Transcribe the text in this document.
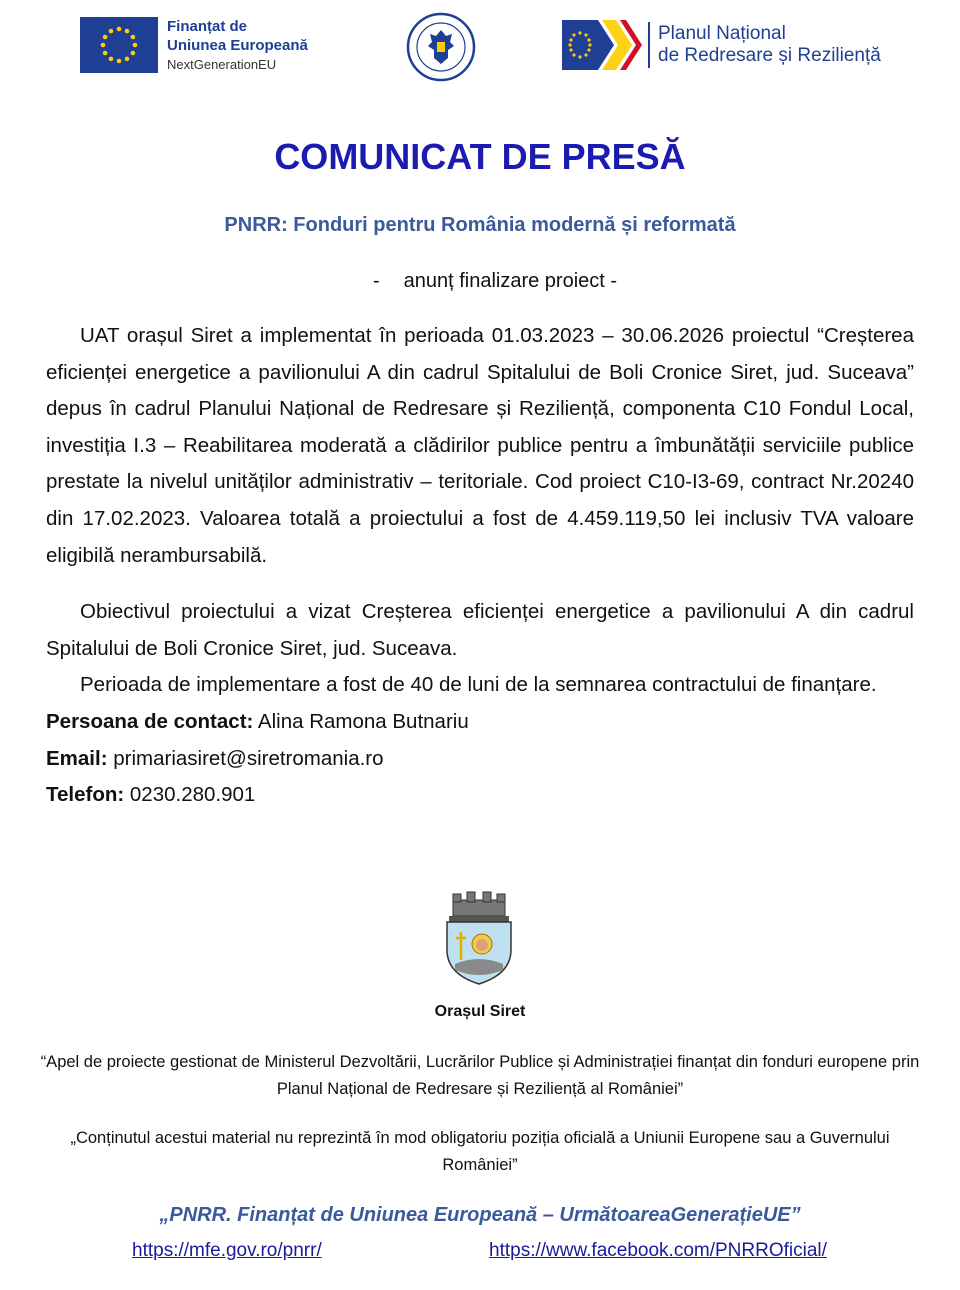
Finanțat de
Uniunea Europeană
NextGenerationEU
Planul Național
de Redresare și Reziliență
COMUNICAT DE PRESĂ
PNRR: Fonduri pentru România modernă și reformată
- anunț finalizare proiect -

UAT orașul Siret a implementat în perioada 01.03.2023 – 30.06.2026 proiectul “Creșterea eficienței energetice a pavilionului A din cadrul Spitalului de Boli Cronice Siret, jud. Suceava” depus în cadrul Planului Național de Redresare și Reziliență, componenta C10 Fondul Local, investiția I.3 – Reabilitarea moderată a clădirilor publice pentru a îmbunătății serviciile publice prestate la nivelul unităților administrativ – teritoriale. Cod proiect C10-I3-69, contract Nr.20240 din 17.02.2023. Valoarea totală a proiectului a fost de 4.459.119,50 lei inclusiv TVA valoare eligibilă nerambursabilă.

Obiectivul proiectului a vizat Creșterea eficienței energetice a pavilionului A din cadrul Spitalului de Boli Cronice Siret, jud. Suceava.

Perioada de implementare a fost de 40 de luni de la semnarea contractului de finanțare.

Persoana de contact: Alina Ramona Butnariu
Email: primariasiret@siretromania.ro
Telefon: 0230.280.901
Orașul Siret
“Apel de proiecte gestionat de Ministerul Dezvoltării, Lucrărilor Publice și Administrației finanțat din fonduri europene prin Planul Național de Redresare și Reziliență al României”
„Conținutul acestui material nu reprezintă în mod obligatoriu poziția oficială a Uniunii Europene sau a Guvernului României”
„PNRR. Finanțat de Uniunea Europeană – UrmătoareaGenerațieUE”
https://mfe.gov.ro/pnrr/	https://www.facebook.com/PNRROficial/
